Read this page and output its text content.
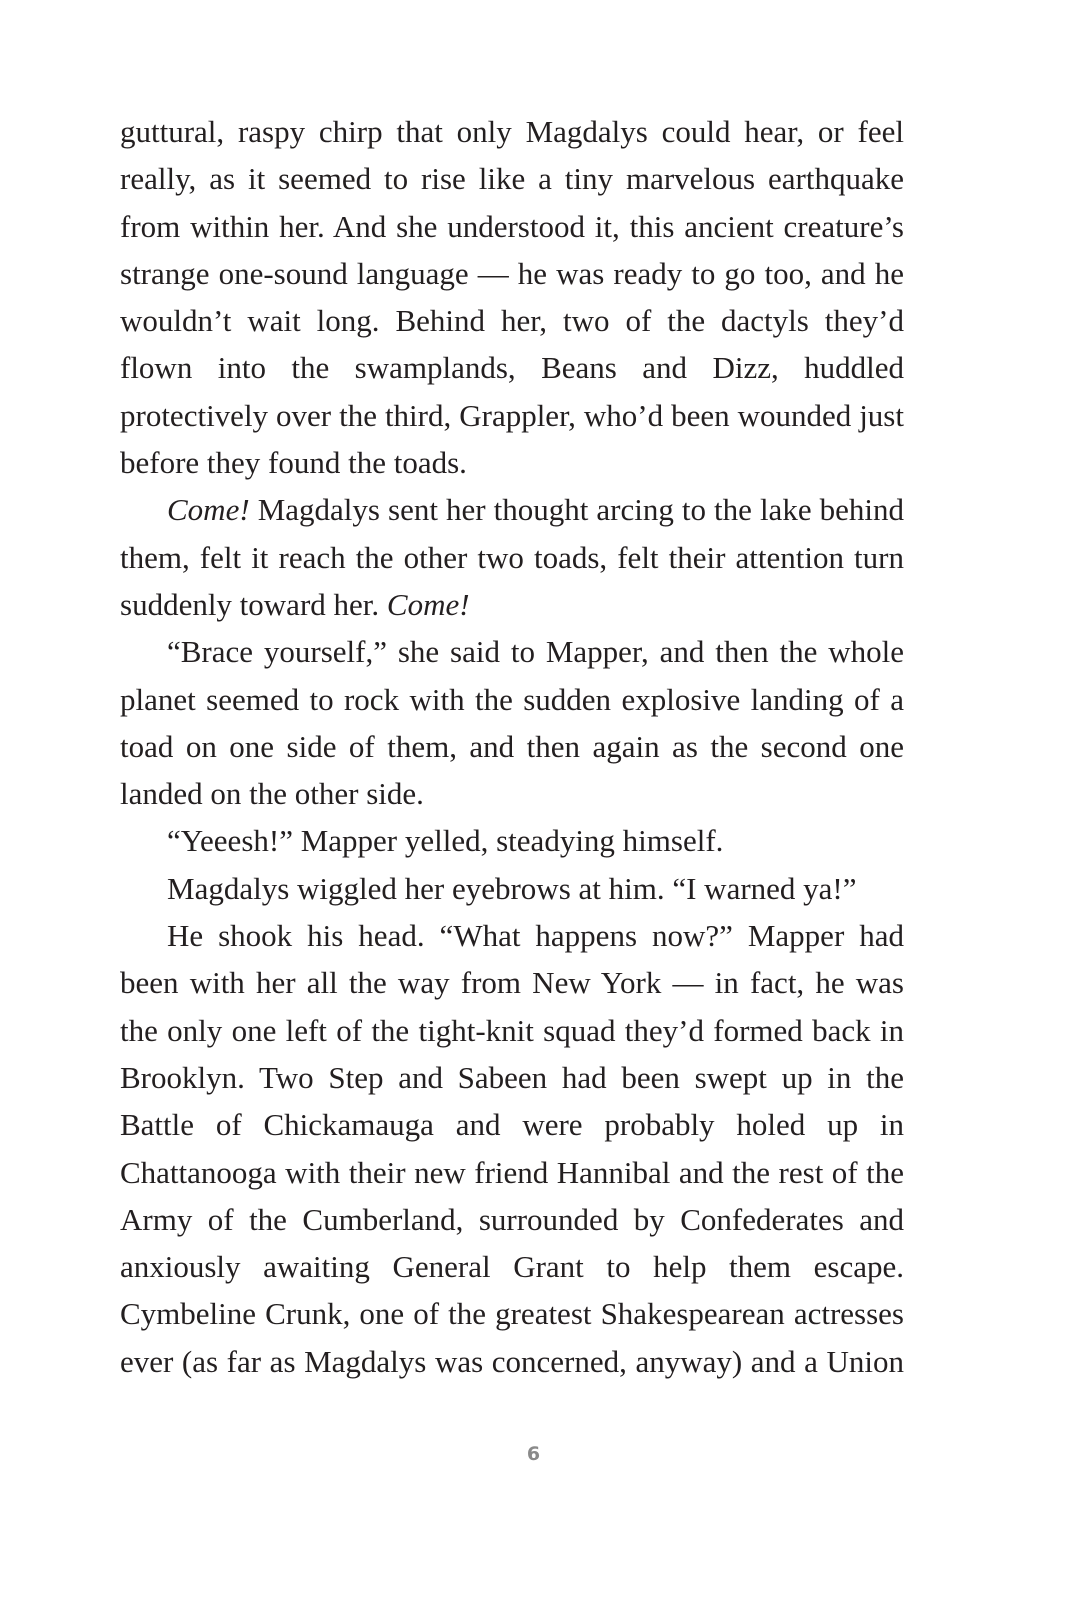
guttural, raspy chirp that only Magdalys could hear, or feel really, as it seemed to rise like a tiny marvelous earthquake from within her. And she understood it, this ancient creature’s strange one-sound language — he was ready to go too, and he wouldn’t wait long. Behind her, two of the dactyls they’d flown into the swamplands, Beans and Dizz, huddled protectively over the third, Grappler, who’d been wounded just before they found the toads.

Come! Magdalys sent her thought arcing to the lake behind them, felt it reach the other two toads, felt their attention turn suddenly toward her. Come!

“Brace yourself,” she said to Mapper, and then the whole planet seemed to rock with the sudden explosive landing of a toad on one side of them, and then again as the second one landed on the other side.

“Yeeesh!” Mapper yelled, steadying himself.

Magdalys wiggled her eyebrows at him. “I warned ya!”

He shook his head. “What happens now?” Mapper had been with her all the way from New York — in fact, he was the only one left of the tight-knit squad they’d formed back in Brooklyn. Two Step and Sabeen had been swept up in the Battle of Chickamauga and were probably holed up in Chattanooga with their new friend Hannibal and the rest of the Army of the Cumberland, surrounded by Confederates and anxiously awaiting General Grant to help them escape. Cymbeline Crunk, one of the greatest Shakespearean actresses ever (as far as Magdalys was concerned, anyway) and a Union

6
